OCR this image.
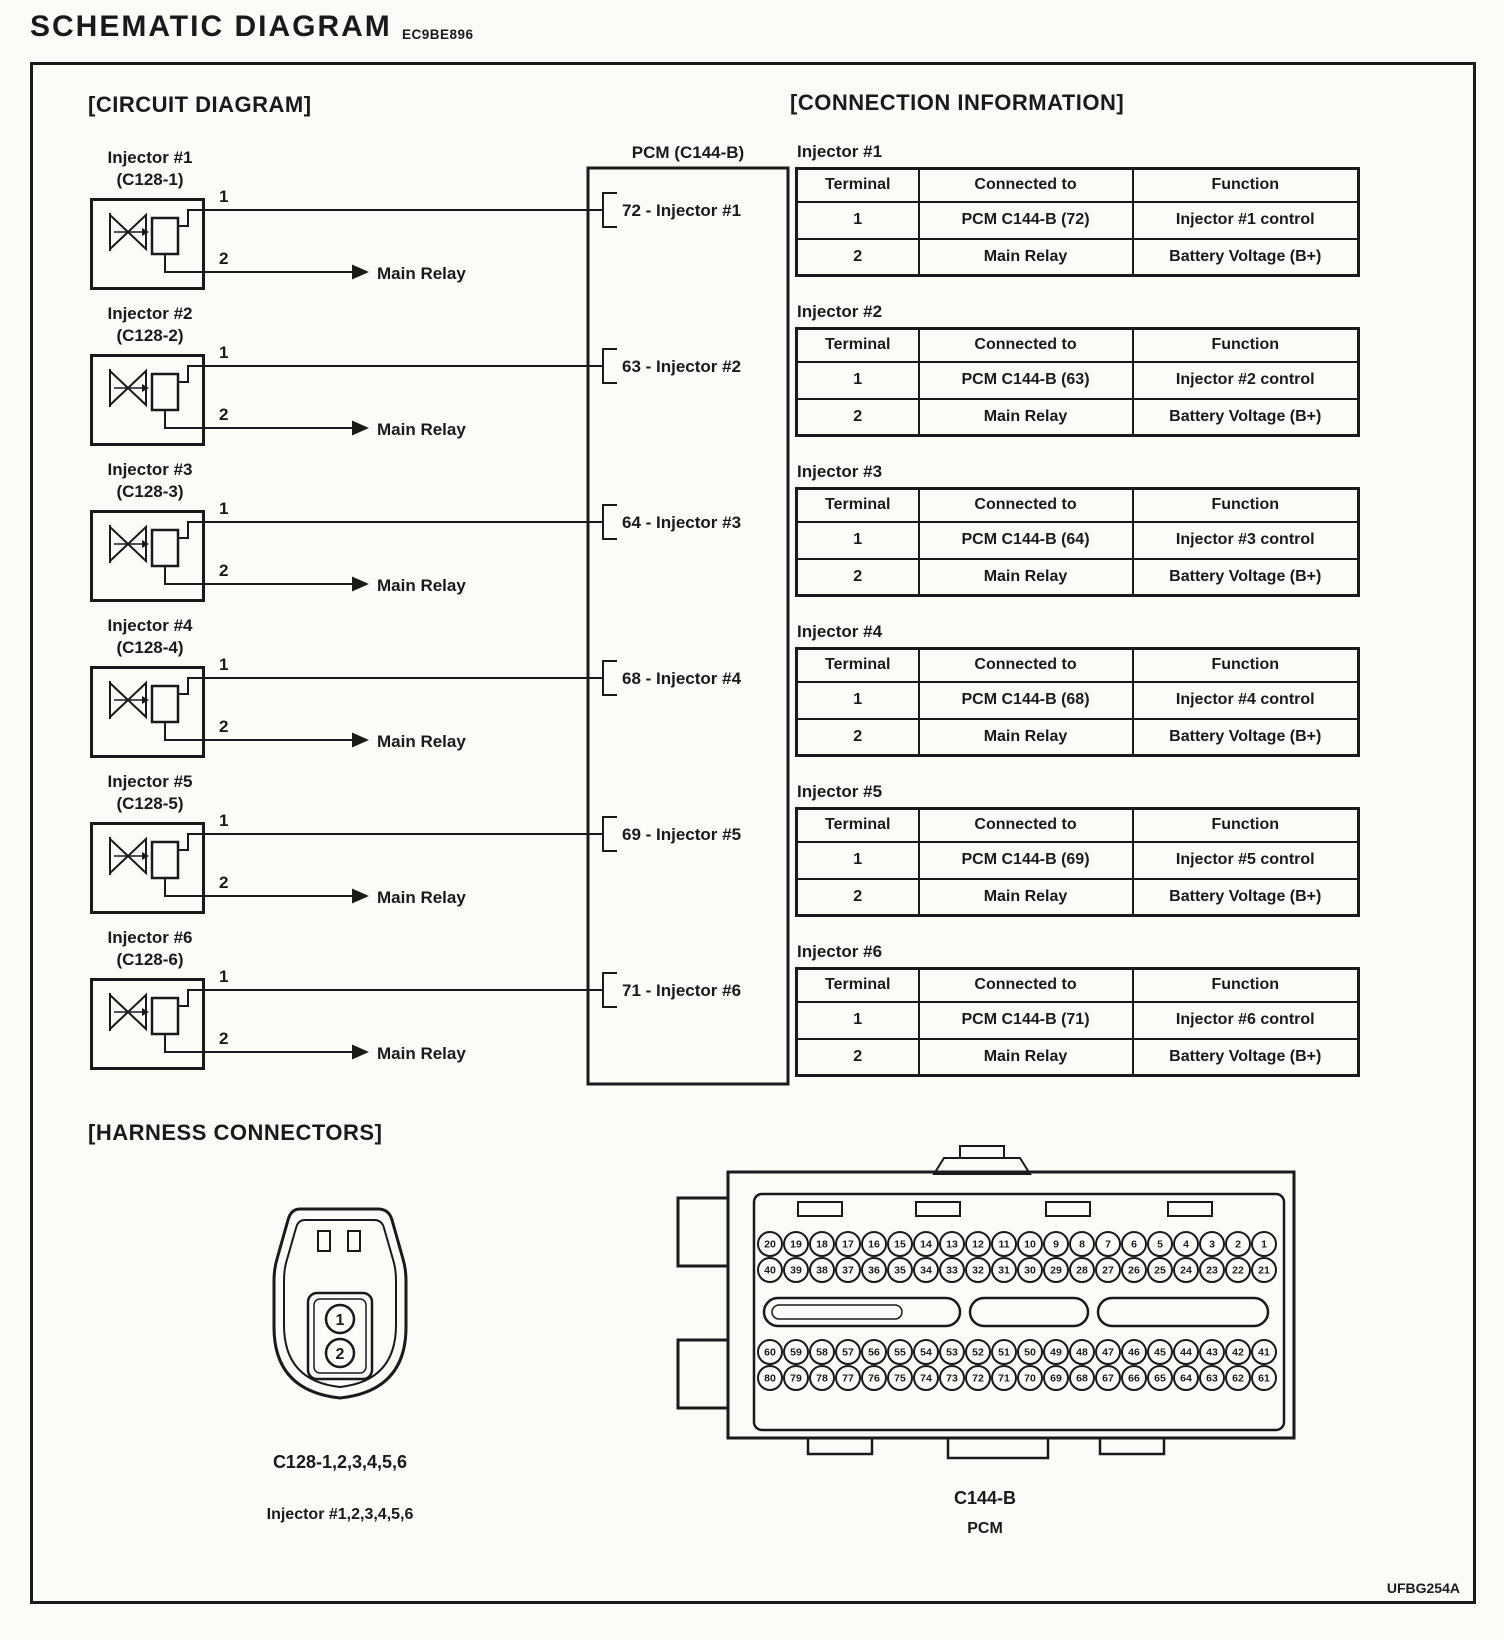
SCHEMATIC DIAGRAM EC9BE896
[CIRCUIT DIAGRAM]	[CONNECTION INFORMATION]
[HARNESS CONNECTORS]
PCM (C144-B)
Injector #1
(C128-1)
1
2
Main Relay
72 - Injector #1
Injector #2
(C128-2)
1
2
Main Relay
63 - Injector #2
Injector #3
(C128-3)
1
2
Main Relay
64 - Injector #3
Injector #4
(C128-4)
1
2
Main Relay
68 - Injector #4
Injector #5
(C128-5)
1
2
Main Relay
69 - Injector #5
Injector #6
(C128-6)
1
2
Main Relay
71 - Injector #6
Injector #1
Terminal	Connected to	Function
1	PCM C144-B (72)	Injector #1 control
2	Main Relay	Battery Voltage (B+)
Injector #2
Terminal	Connected to	Function
1	PCM C144-B (63)	Injector #2 control
2	Main Relay	Battery Voltage (B+)
Injector #3
Terminal	Connected to	Function
1	PCM C144-B (64)	Injector #3 control
2	Main Relay	Battery Voltage (B+)
Injector #4
Terminal	Connected to	Function
1	PCM C144-B (68)	Injector #4 control
2	Main Relay	Battery Voltage (B+)
Injector #5
Terminal	Connected to	Function
1	PCM C144-B (69)	Injector #5 control
2	Main Relay	Battery Voltage (B+)
Injector #6
Terminal	Connected to	Function
1	PCM C144-B (71)	Injector #6 control
2	Main Relay	Battery Voltage (B+)
1
2
C128-1,2,3,4,5,6
Injector #1,2,3,4,5,6
20 19 18 17 16 15 14 13 12 11 10 9 8 7 6 5 4 3 2 1
40 39 38 37 36 35 34 33 32 31 30 29 28 27 26 25 24 23 22 21
60 59 58 57 56 55 54 53 52 51 50 49 48 47 46 45 44 43 42 41
80 79 78 77 76 75 74 73 72 71 70 69 68 67 66 65 64 63 62 61
C144-B
PCM
UFBG254A
